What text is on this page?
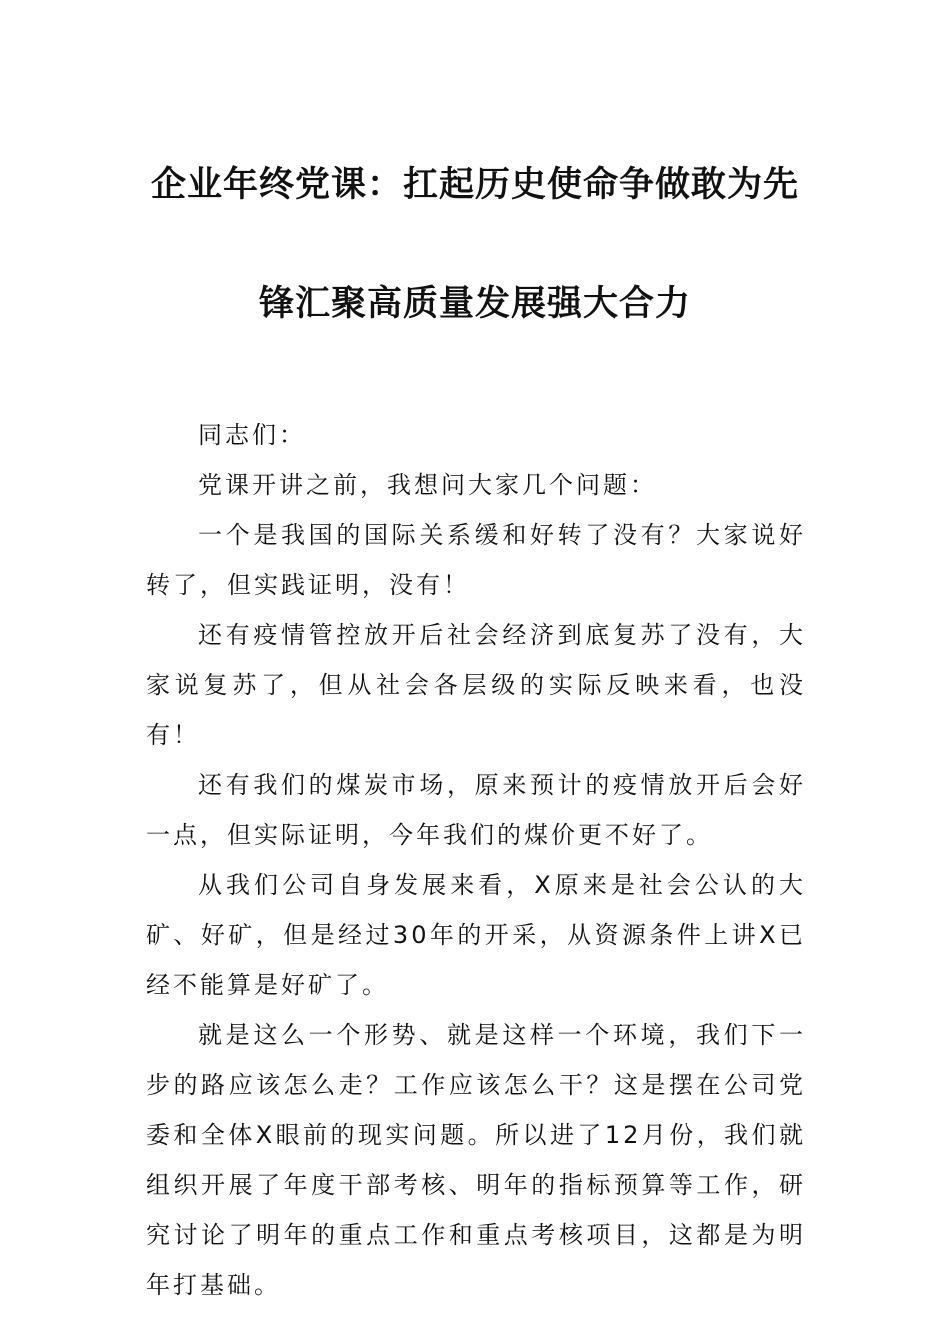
企业年终党课：扛起历史使命争做敢为先
锋汇聚高质量发展强大合力

同志们：

党课开讲之前，我想问大家几个问题：

一个是我国的国际关系缓和好转了没有？大家说好转了，但实践证明，没有！

还有疫情管控放开后社会经济到底复苏了没有，大家说复苏了，但从社会各层级的实际反映来看，也没有！

还有我们的煤炭市场，原来预计的疫情放开后会好一点，但实际证明，今年我们的煤价更不好了。

从我们公司自身发展来看，X原来是社会公认的大矿、好矿，但是经过30年的开采，从资源条件上讲X已经不能算是好矿了。

就是这么一个形势、就是这样一个环境，我们下一步的路应该怎么走？工作应该怎么干？这是摆在公司党委和全体X眼前的现实问题。所以进了12月份，我们就组织开展了年度干部考核、明年的指标预算等工作，研究讨论了明年的重点工作和重点考核项目，这都是为明年打基础。
